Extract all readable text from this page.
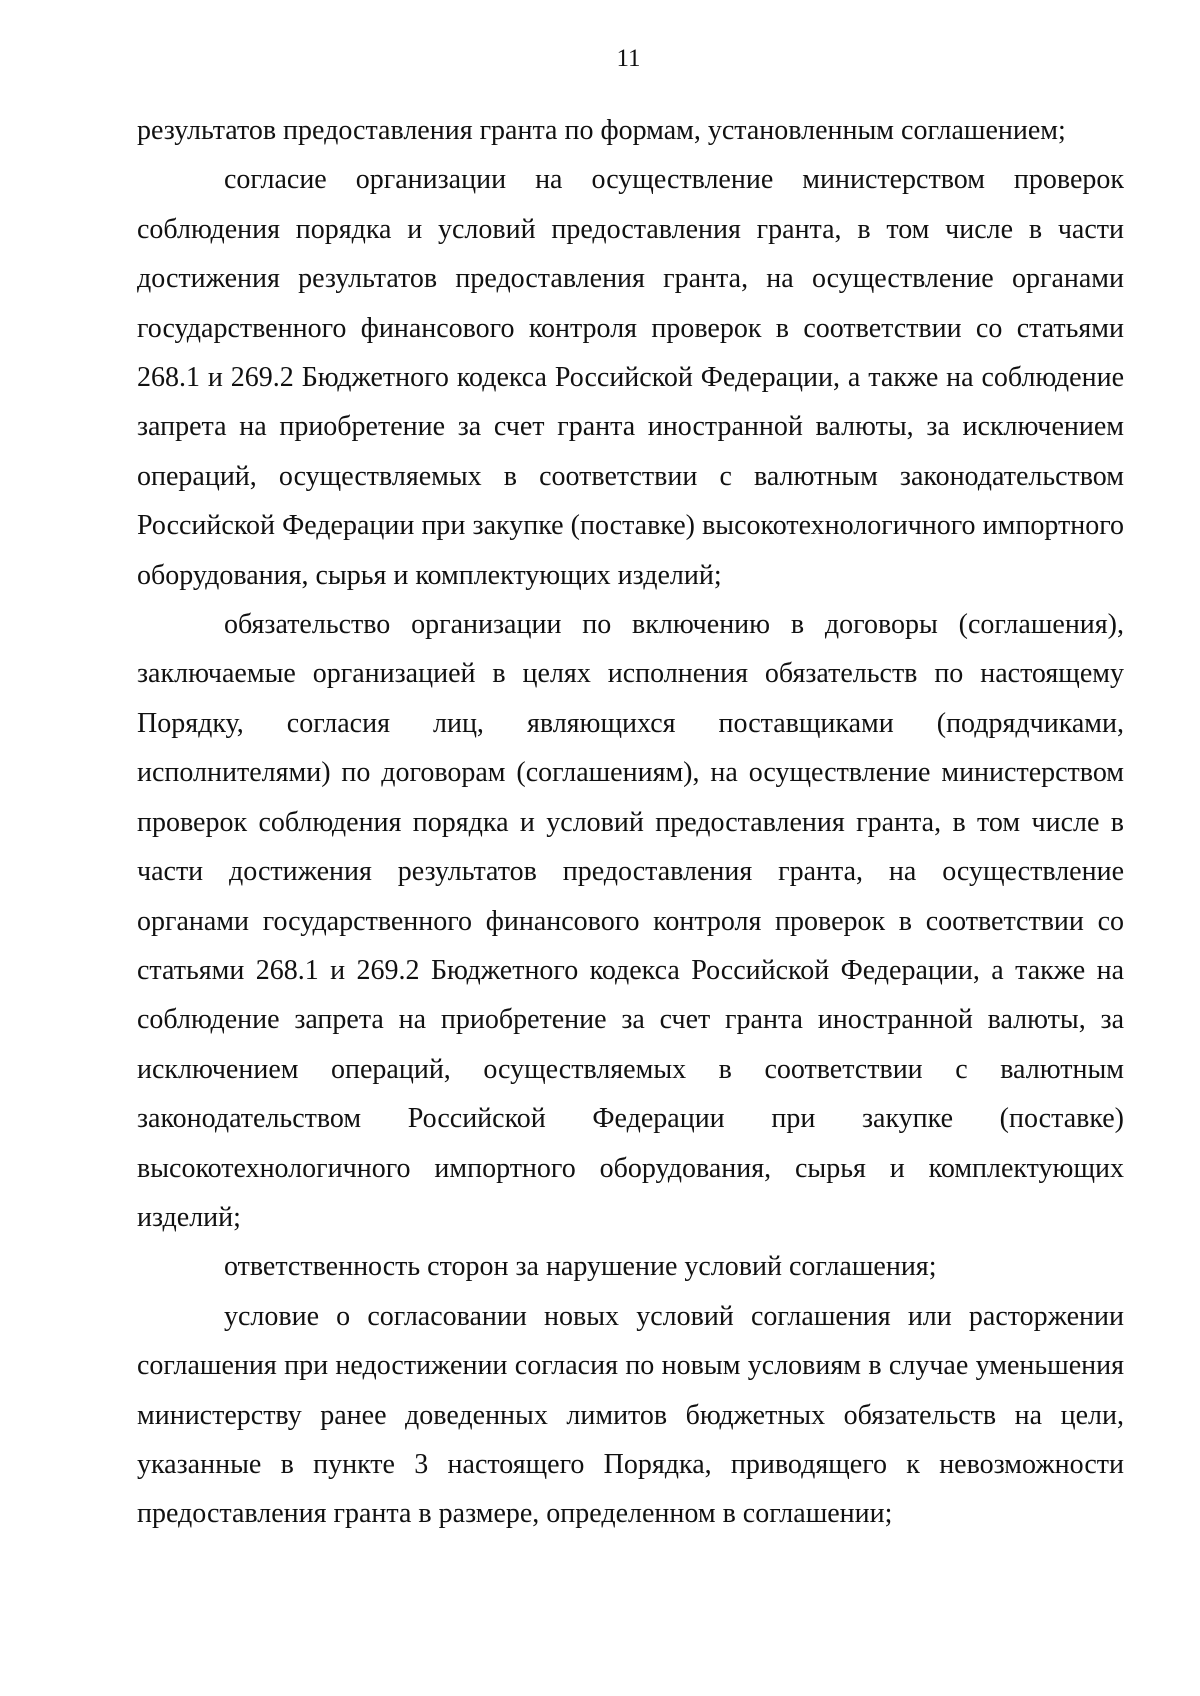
11

результатов предоставления гранта по формам, установленным соглашением;

согласие организации на осуществление министерством проверок соблюдения порядка и условий предоставления гранта, в том числе в части достижения результатов предоставления гранта, на осуществление органами государственного финансового контроля проверок в соответствии со статьями 268.1 и 269.2 Бюджетного кодекса Российской Федерации, а также на соблюдение запрета на приобретение за счет гранта иностранной валюты, за исключением операций, осуществляемых в соответствии с валютным законодательством Российской Федерации при закупке (поставке) высокотехнологичного импортного оборудования, сырья и комплектующих изделий;

обязательство организации по включению в договоры (соглашения), заключаемые организацией в целях исполнения обязательств по настоящему Порядку, согласия лиц, являющихся поставщиками (подрядчиками, исполнителями) по договорам (соглашениям), на осуществление министерством проверок соблюдения порядка и условий предоставления гранта, в том числе в части достижения результатов предоставления гранта, на осуществление органами государственного финансового контроля проверок в соответствии со статьями 268.1 и 269.2 Бюджетного кодекса Российской Федерации, а также на соблюдение запрета на приобретение за счет гранта иностранной валюты, за исключением операций, осуществляемых в соответствии с валютным законодательством Российской Федерации при закупке (поставке) высокотехнологичного импортного оборудования, сырья и комплектующих изделий;

ответственность сторон за нарушение условий соглашения;

условие о согласовании новых условий соглашения или расторжении соглашения при недостижении согласия по новым условиям в случае уменьшения министерству ранее доведенных лимитов бюджетных обязательств на цели, указанные в пункте 3 настоящего Порядка, приводящего к невозможности предоставления гранта в размере, определенном в соглашении;
